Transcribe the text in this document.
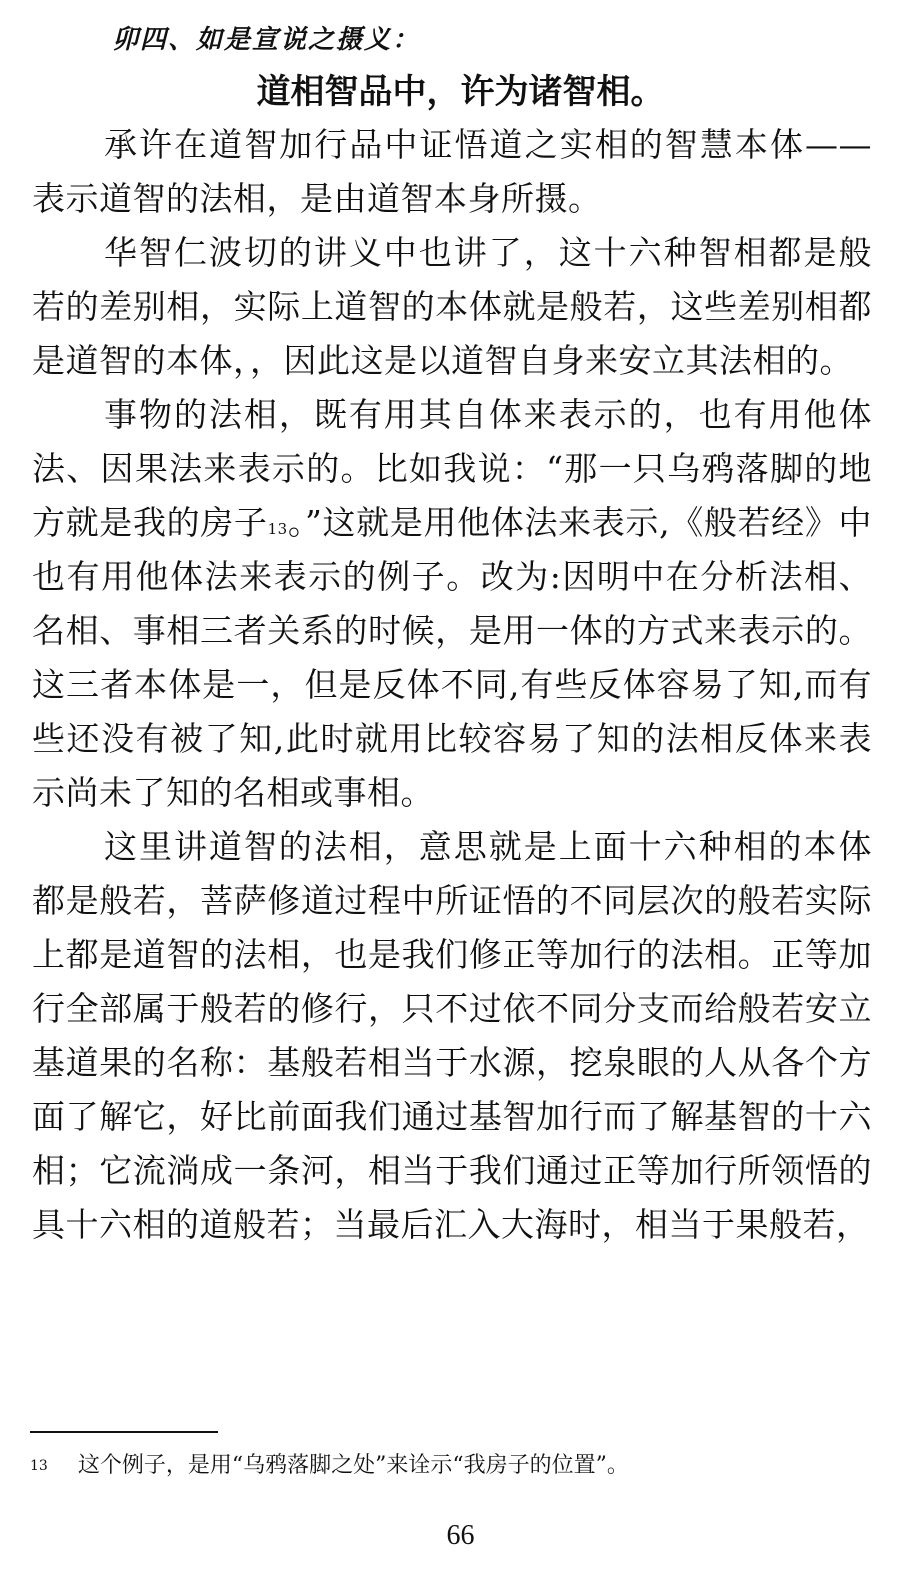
卯四、如是宣说之摄义：
道相智品中，许为诸智相。

承许在道智加行品中证悟道之实相的智慧本体——表示道智的法相，是由道智本身所摄。

华智仁波切的讲义中也讲了，这十六种智相都是般若的差别相，实际上道智的本体就是般若，这些差别相都是道智的本体，，因此这是以道智自身来安立其法相的。

事物的法相，既有用其自体来表示的，也有用他体法、因果法来表示的。比如我说：“那一只乌鸦落脚的地方就是我的房子$^{13}$。”这就是用他体法来表示,《般若经》中也有用他体法来表示的例子。改为:因明中在分析法相、名相、事相三者关系的时候，是用一体的方式来表示的。这三者本体是一，但是反体不同,有些反体容易了知,而有些还没有被了知,此时就用比较容易了知的法相反体来表示尚未了知的名相或事相。

这里讲道智的法相，意思就是上面十六种相的本体都是般若，菩萨修道过程中所证悟的不同层次的般若实际上都是道智的法相，也是我们修正等加行的法相。正等加行全部属于般若的修行，只不过依不同分支而给般若安立基道果的名称：基般若相当于水源，挖泉眼的人从各个方面了解它，好比前面我们通过基智加行而了解基智的十六相；它流淌成一条河，相当于我们通过正等加行所领悟的具十六相的道般若；当最后汇入大海时，相当于果般若，

$^{13}$ 这个例子，是用“乌鸦落脚之处”来诠示“我房子的位置”。
66
